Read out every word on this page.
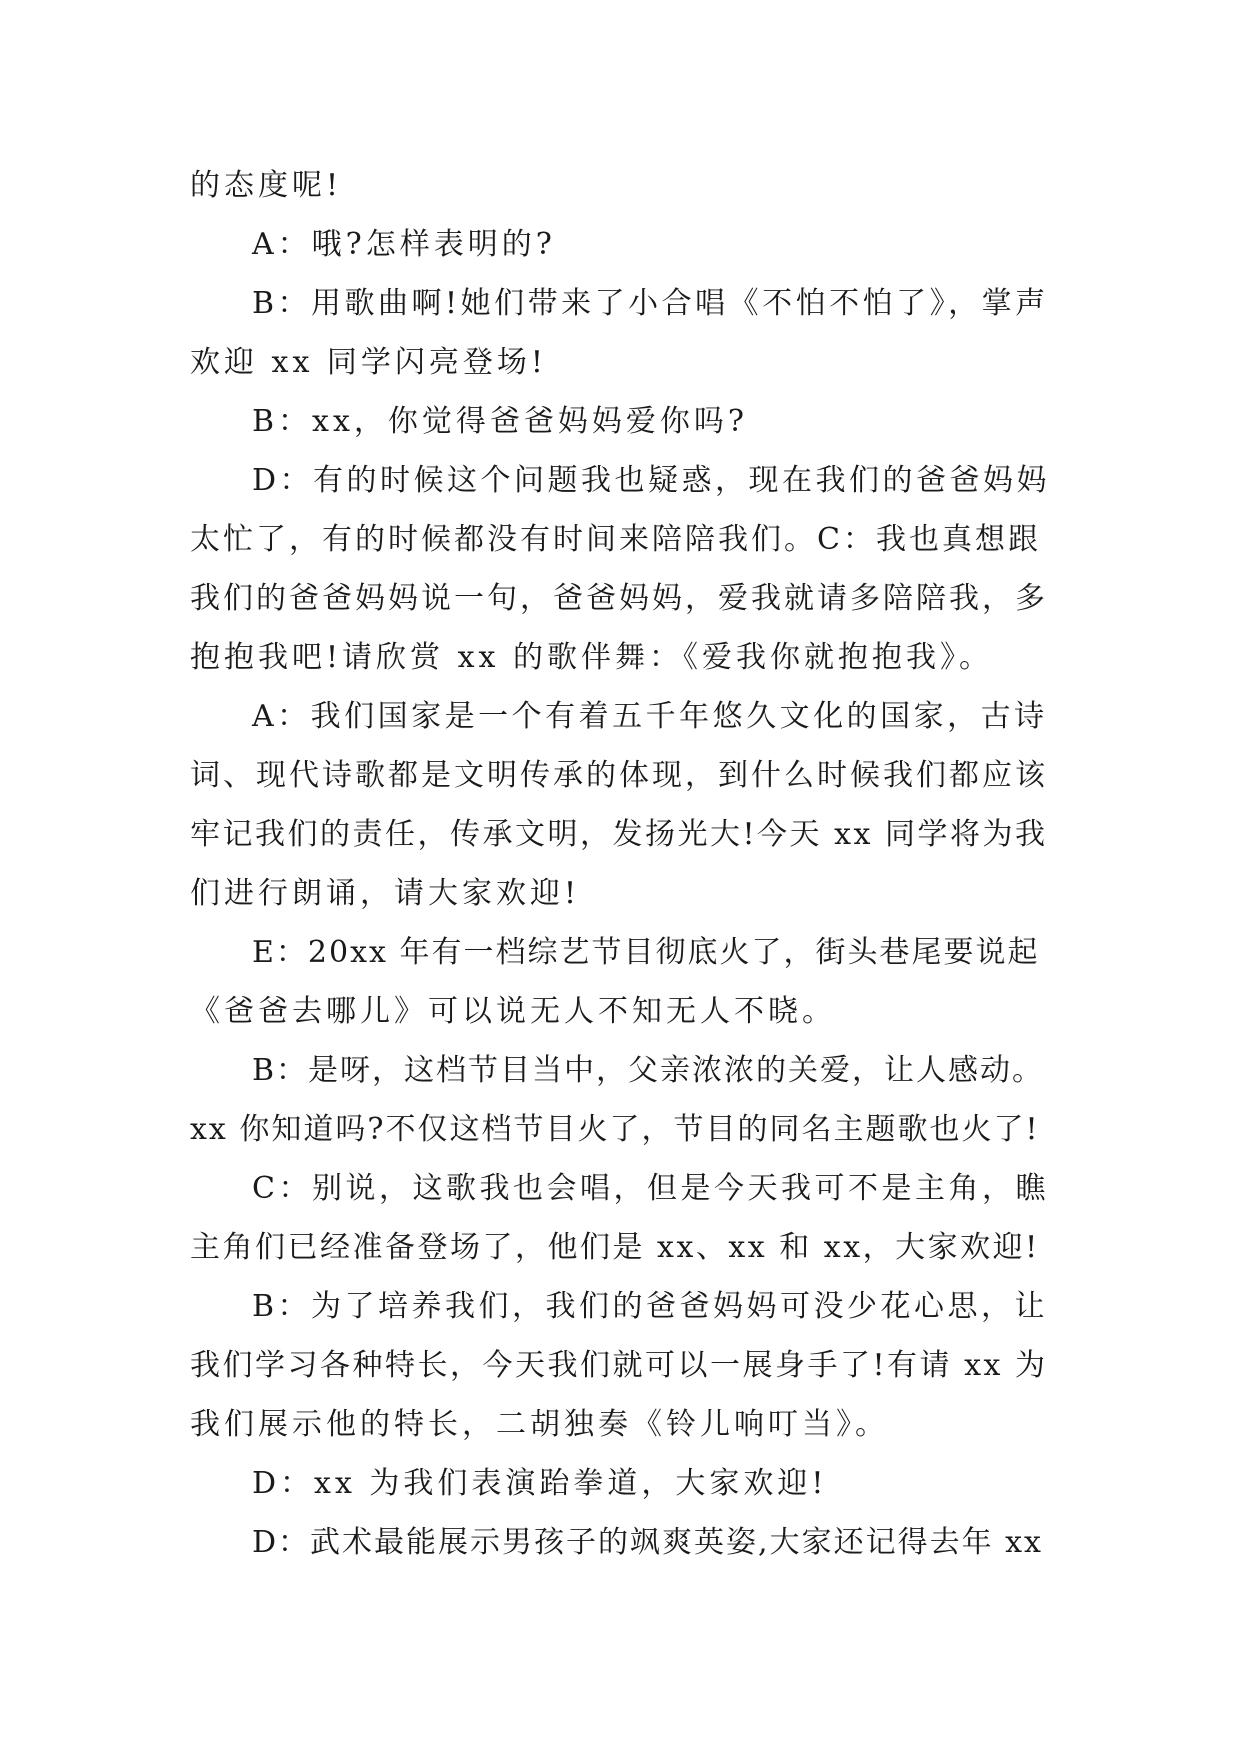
的态度呢!
A：哦?怎样表明的?
B：用歌曲啊!她们带来了小合唱《不怕不怕了》，掌声
欢迎 xx 同学闪亮登场!
B：xx，你觉得爸爸妈妈爱你吗?
D：有的时候这个问题我也疑惑，现在我们的爸爸妈妈
太忙了，有的时候都没有时间来陪陪我们。C：我也真想跟
我们的爸爸妈妈说一句，爸爸妈妈，爱我就请多陪陪我，多
抱抱我吧!请欣赏 xx 的歌伴舞：《爱我你就抱抱我》。
A：我们国家是一个有着五千年悠久文化的国家，古诗
词、现代诗歌都是文明传承的体现，到什么时候我们都应该
牢记我们的责任，传承文明，发扬光大!今天 xx 同学将为我
们进行朗诵，请大家欢迎!
E：20xx 年有一档综艺节目彻底火了，街头巷尾要说起
《爸爸去哪儿》可以说无人不知无人不晓。
B：是呀，这档节目当中，父亲浓浓的关爱，让人感动。
xx 你知道吗?不仅这档节目火了，节目的同名主题歌也火了!
C：别说，这歌我也会唱，但是今天我可不是主角，瞧
主角们已经准备登场了，他们是 xx、xx 和 xx，大家欢迎!
B：为了培养我们，我们的爸爸妈妈可没少花心思，让
我们学习各种特长，今天我们就可以一展身手了!有请 xx 为
我们展示他的特长，二胡独奏《铃儿响叮当》。
D：xx 为我们表演跆拳道，大家欢迎!
D：武术最能展示男孩子的飒爽英姿,大家还记得去年 xx
